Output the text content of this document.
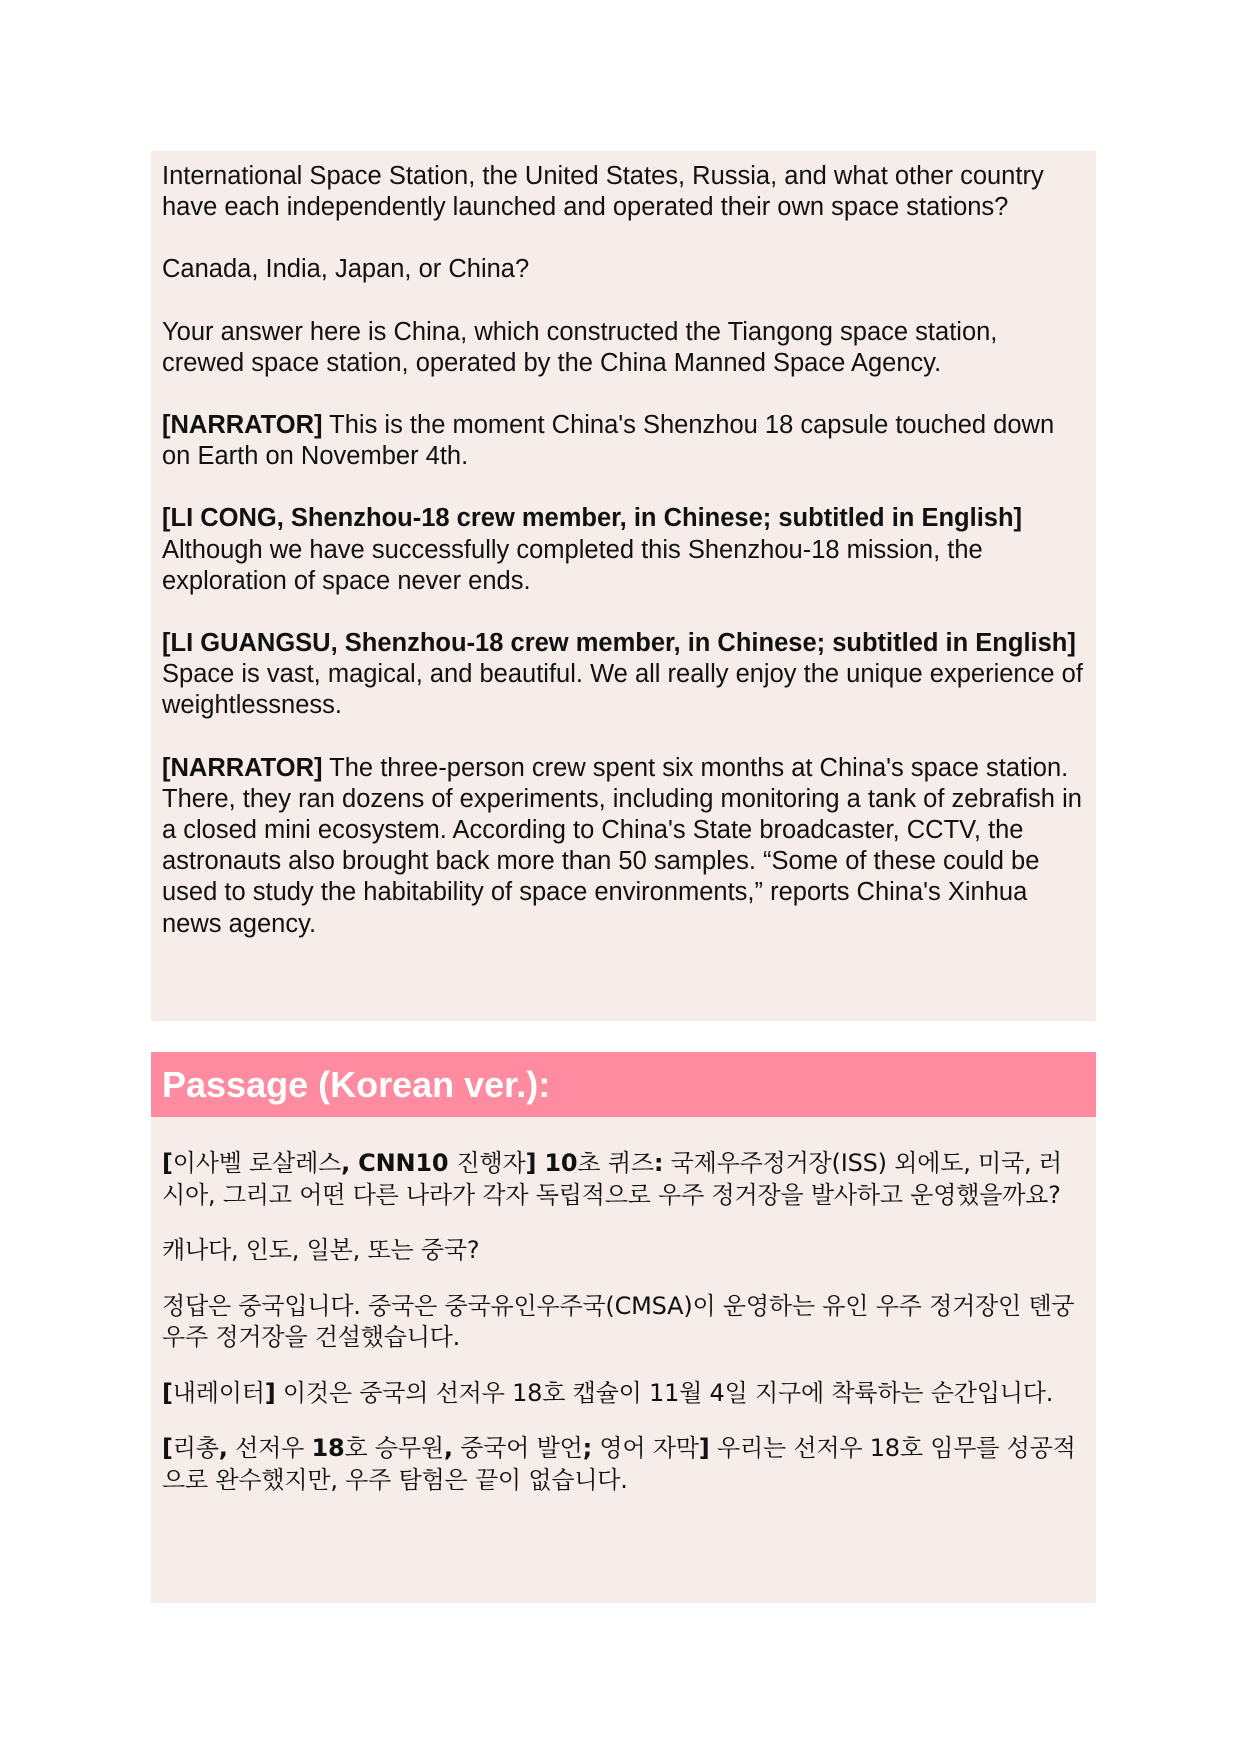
International Space Station, the United States, Russia, and what other country have each independently launched and operated their own space stations?

Canada, India, Japan, or China?

Your answer here is China, which constructed the Tiangong space station, crewed space station, operated by the China Manned Space Agency.

[NARRATOR] This is the moment China's Shenzhou 18 capsule touched down on Earth on November 4th.

[LI CONG, Shenzhou-18 crew member, in Chinese; subtitled in English] Although we have successfully completed this Shenzhou-18 mission, the exploration of space never ends.

[LI GUANGSU, Shenzhou-18 crew member, in Chinese; subtitled in English] Space is vast, magical, and beautiful. We all really enjoy the unique experience of weightlessness.

[NARRATOR] The three-person crew spent six months at China's space station. There, they ran dozens of experiments, including monitoring a tank of zebrafish in a closed mini ecosystem. According to China's State broadcaster, CCTV, the astronauts also brought back more than 50 samples. “Some of these could be used to study the habitability of space environments,” reports China's Xinhua news agency.

Passage (Korean ver.):

[이사벨 로살레스, CNN10 진행자] 10초 퀴즈: 국제우주정거장(ISS) 외에도, 미국, 러시아, 그리고 어떤 다른 나라가 각자 독립적으로 우주 정거장을 발사하고 운영했을까요?

캐나다, 인도, 일본, 또는 중국?

정답은 중국입니다. 중국은 중국유인우주국(CMSA)이 운영하는 유인 우주 정거장인 톈궁 우주 정거장을 건설했습니다.

[내레이터] 이것은 중국의 선저우 18호 캡슐이 11월 4일 지구에 착륙하는 순간입니다.

[리총, 선저우 18호 승무원, 중국어 발언; 영어 자막] 우리는 선저우 18호 임무를 성공적으로 완수했지만, 우주 탐험은 끝이 없습니다.
